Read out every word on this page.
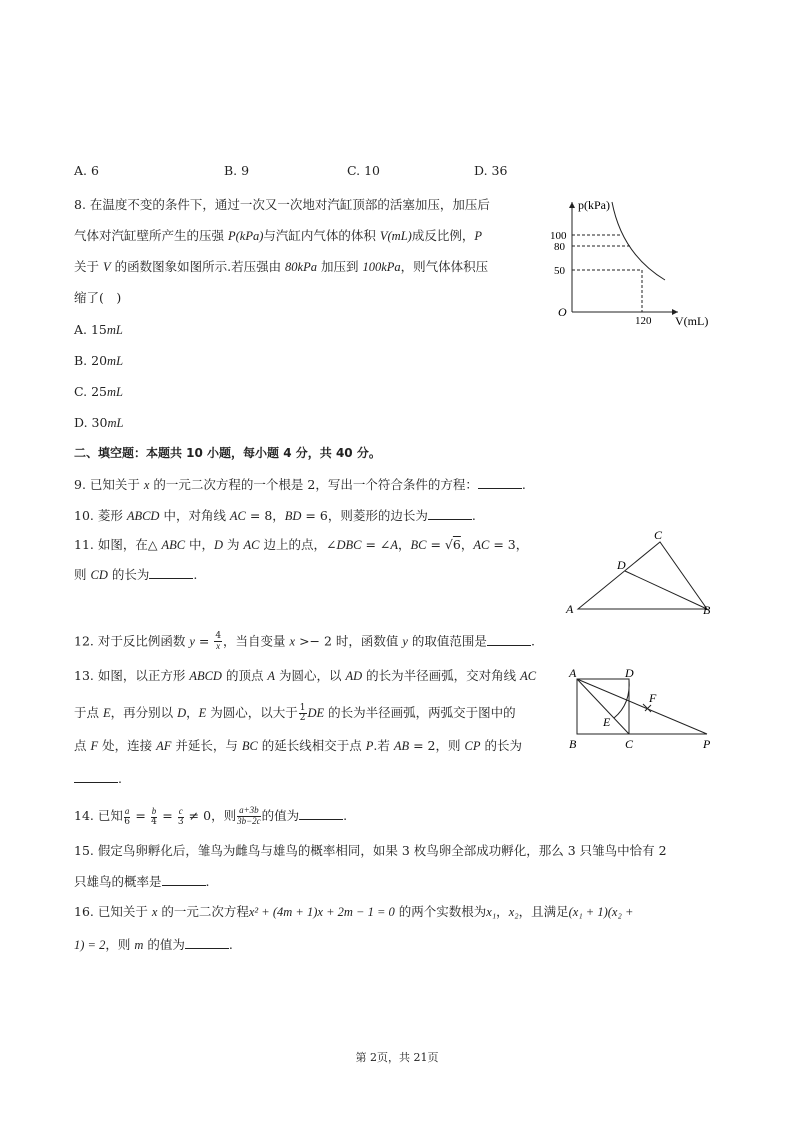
A. 6	B. 9	C. 10	D. 36
8. 在温度不变的条件下，通过一次又一次地对汽缸顶部的活塞加压，加压后
气体对汽缸壁所产生的压强 P(kPa)与汽缸内气体的体积 V(mL)成反比例，P
关于 V 的函数图象如图所示.若压强由 80kPa 加压到 100kPa，则气体体积压
缩了(　)
A. 15mL
B. 20mL
C. 25mL
D. 30mL
p(kPa)
V(mL)
O
100
80
50
120
二、填空题：本题共 10 小题，每小题 4 分，共 40 分。
9. 已知关于 x 的一元二次方程的一个根是 2，写出一个符合条件的方程：	.
10. 菱形 ABCD 中，对角线 AC = 8，BD = 6，则菱形的边长为	.
11. 如图，在△ ABC 中，D 为 AC 边上的点，∠DBC = ∠A，BC = √6，AC = 3，
则 CD 的长为	.
A	B
C
D
12. 对于反比例函数 $y = \frac{4}{x}$ ，当自变量 x >− 2 时，函数值 y 的取值范围是	.
13. 如图，以正方形 ABCD 的顶点 A 为圆心，以 AD 的长为半径画弧，交对角线 AC
于点 E，再分别以 D，E 为圆心，以大于 $\frac{1}{2}$ DE 的长为半径画弧，两弧交于图中的
点 F 处，连接 AF 并延长，与 BC 的延长线相交于点 P.若 AB = 2，则 CP 的长为
.
A	D
F
E
B	C	P
14. 已知 $\frac{a}{6} = \frac{b}{4} = \frac{c}{3} \ne 0$，则 $\frac{a+3b}{3b-2c}$ 的值为	.
15. 假定鸟卵孵化后，雏鸟为雌鸟与雄鸟的概率相同，如果 3 枚鸟卵全部成功孵化，那么 3 只雏鸟中恰有 2
只雄鸟的概率是	.
16. 已知关于 x 的一元二次方程x² + (4m + 1)x + 2m − 1 = 0 的两个实数根为x₁，x₂，且满足(x₁ + 1)(x₂ +
1) = 2，则 m 的值为	.
第 2页，共 21页
